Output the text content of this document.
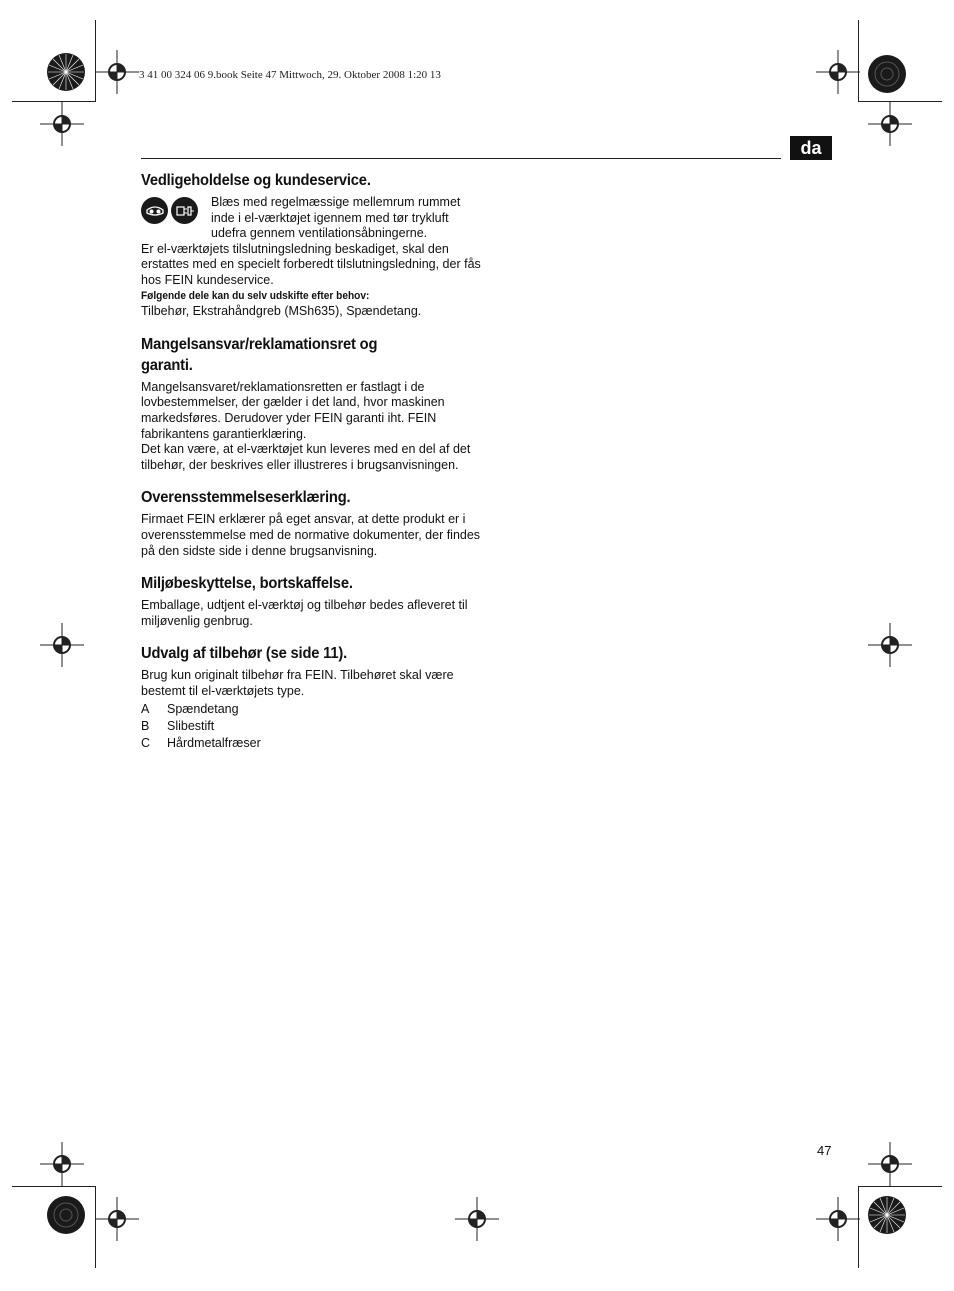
3 41 00 324 06 9.book Seite 47 Mittwoch, 29. Oktober 2008 1:20 13
da
Vedligeholdelse og kundeservice.

Blæs med regelmæssige mellemrum rummet inde i el-værktøjet igennem med tør trykluft udefra gennem ventilationsåbningerne.

Er el-værktøjets tilslutningsledning beskadiget, skal den erstattes med en specielt forberedt tilslutningsledning, der fås hos FEIN kundeservice.

Følgende dele kan du selv udskifte efter behov:

Tilbehør, Ekstrahåndgreb (MSh635), Spændetang.

Mangelsansvar/reklamationsret og
garanti.

Mangelsansvaret/reklamationsretten er fastlagt i de lovbestemmelser, der gælder i det land, hvor maskinen markedsføres. Derudover yder FEIN garanti iht. FEIN fabrikantens garantierklæring.

Det kan være, at el-værktøjet kun leveres med en del af det tilbehør, der beskrives eller illustreres i brugsanvisningen.

Overensstemmelseserklæring.

Firmaet FEIN erklærer på eget ansvar, at dette produkt er i overensstemmelse med de normative dokumenter, der findes på den sidste side i denne brugsanvisning.

Miljøbeskyttelse, bortskaffelse.

Emballage, udtjent el-værktøj og tilbehør bedes afleveret til miljøvenlig genbrug.

Udvalg af tilbehør (se side 11).

Brug kun originalt tilbehør fra FEIN. Tilbehøret skal være bestemt til el-værktøjets type.

A	Spændetang
B	Slibestift
C	Hårdmetalfræser
47
